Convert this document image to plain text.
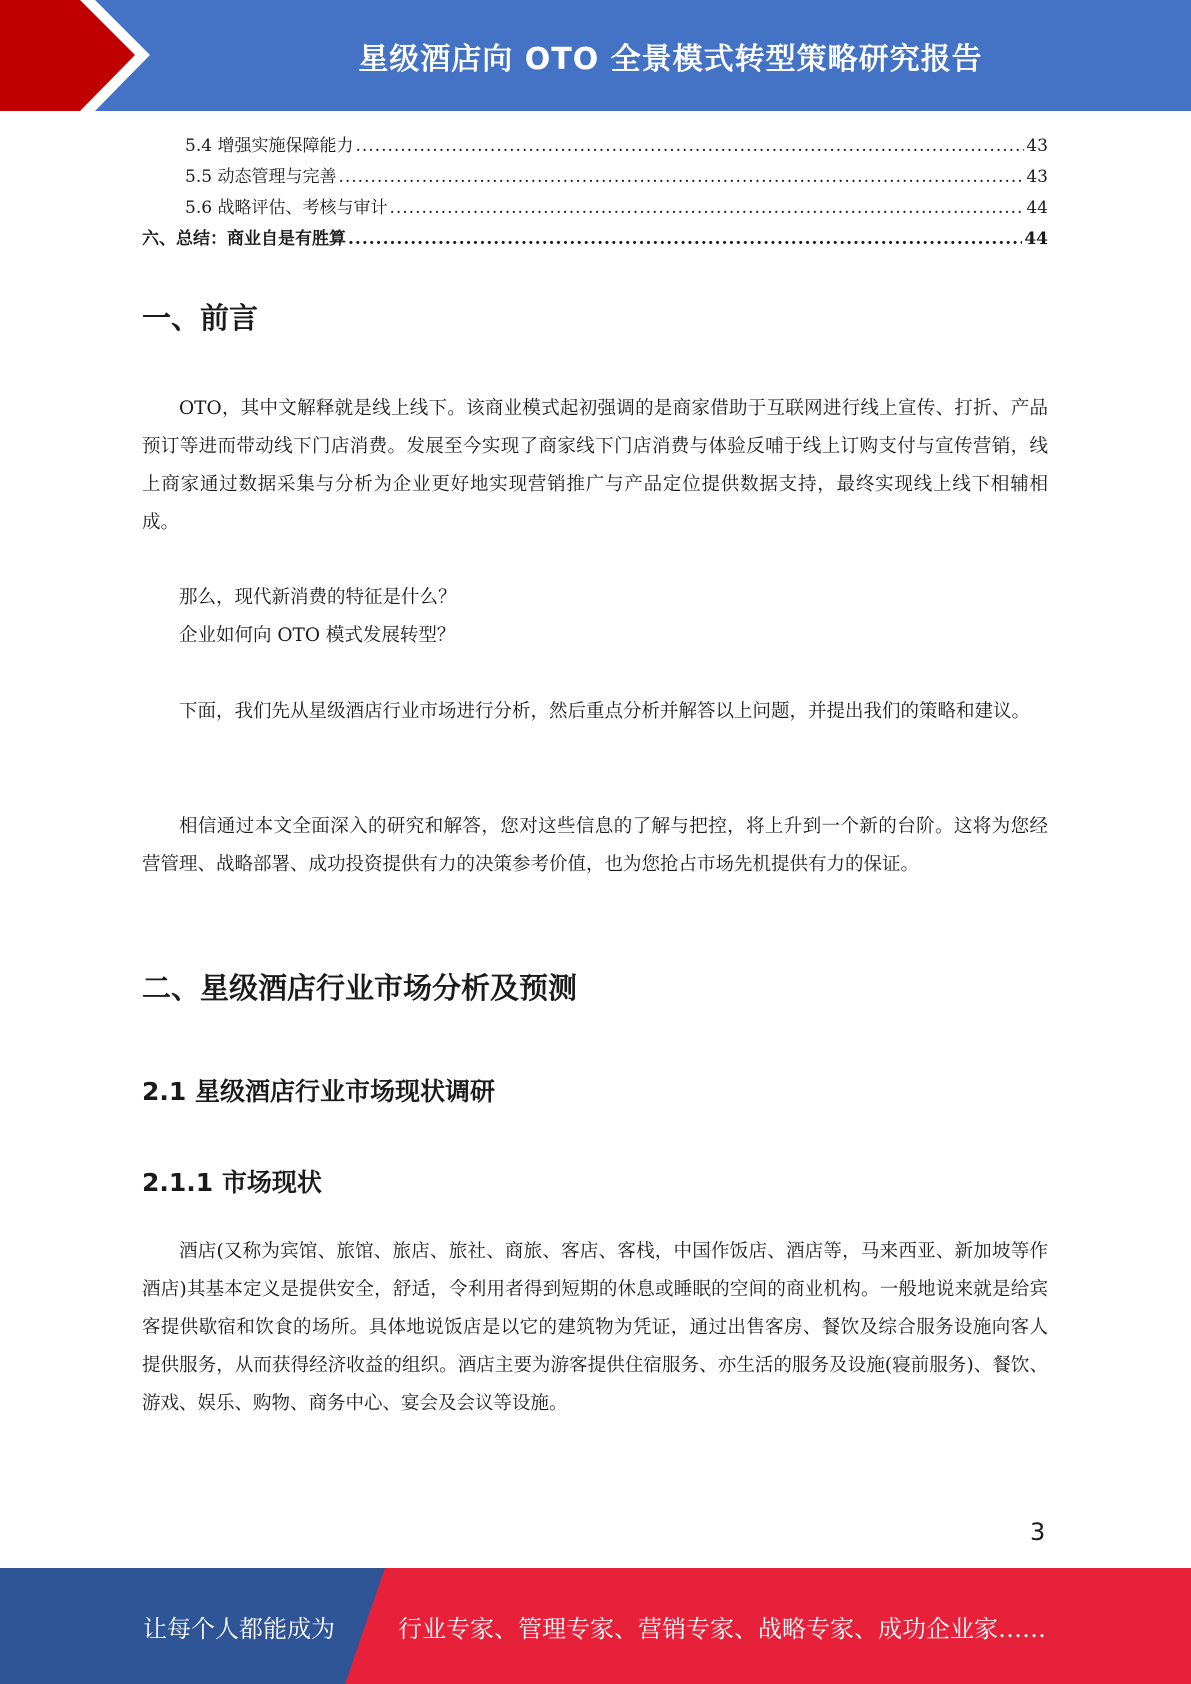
星级酒店向 OTO 全景模式转型策略研究报告
5.4 增强实施保障能力 .....	43
5.5 动态管理与完善 .....	43
5.6 战略评估、考核与审计 .....	44
六、总结：商业自是有胜算 .....	44
一、前言

OTO，其中文解释就是线上线下。该商业模式起初强调的是商家借助于互联网进行线上宣传、打折、产品预订等进而带动线下门店消费。发展至今实现了商家线下门店消费与体验反哺于线上订购支付与宣传营销，线上商家通过数据采集与分析为企业更好地实现营销推广与产品定位提供数据支持，最终实现线上线下相辅相成。

那么，现代新消费的特征是什么？

企业如何向 OTO 模式发展转型？

下面，我们先从星级酒店行业市场进行分析，然后重点分析并解答以上问题，并提出我们的策略和建议。

相信通过本文全面深入的研究和解答，您对这些信息的了解与把控，将上升到一个新的台阶。这将为您经营管理、战略部署、成功投资提供有力的决策参考价值，也为您抢占市场先机提供有力的保证。

二、星级酒店行业市场分析及预测
2.1 星级酒店行业市场现状调研
2.1.1 市场现状

酒店(又称为宾馆、旅馆、旅店、旅社、商旅、客店、客栈，中国作饭店、酒店等，马来西亚、新加坡等作酒店)其基本定义是提供安全，舒适，令利用者得到短期的休息或睡眠的空间的商业机构。一般地说来就是给宾客提供歇宿和饮食的场所。具体地说饭店是以它的建筑物为凭证，通过出售客房、餐饮及综合服务设施向客人提供服务，从而获得经济收益的组织。酒店主要为游客提供住宿服务、亦生活的服务及设施(寝前服务)、餐饮、游戏、娱乐、购物、商务中心、宴会及会议等设施。

3
让每个人都能成为	行业专家、管理专家、营销专家、战略专家、成功企业家……
